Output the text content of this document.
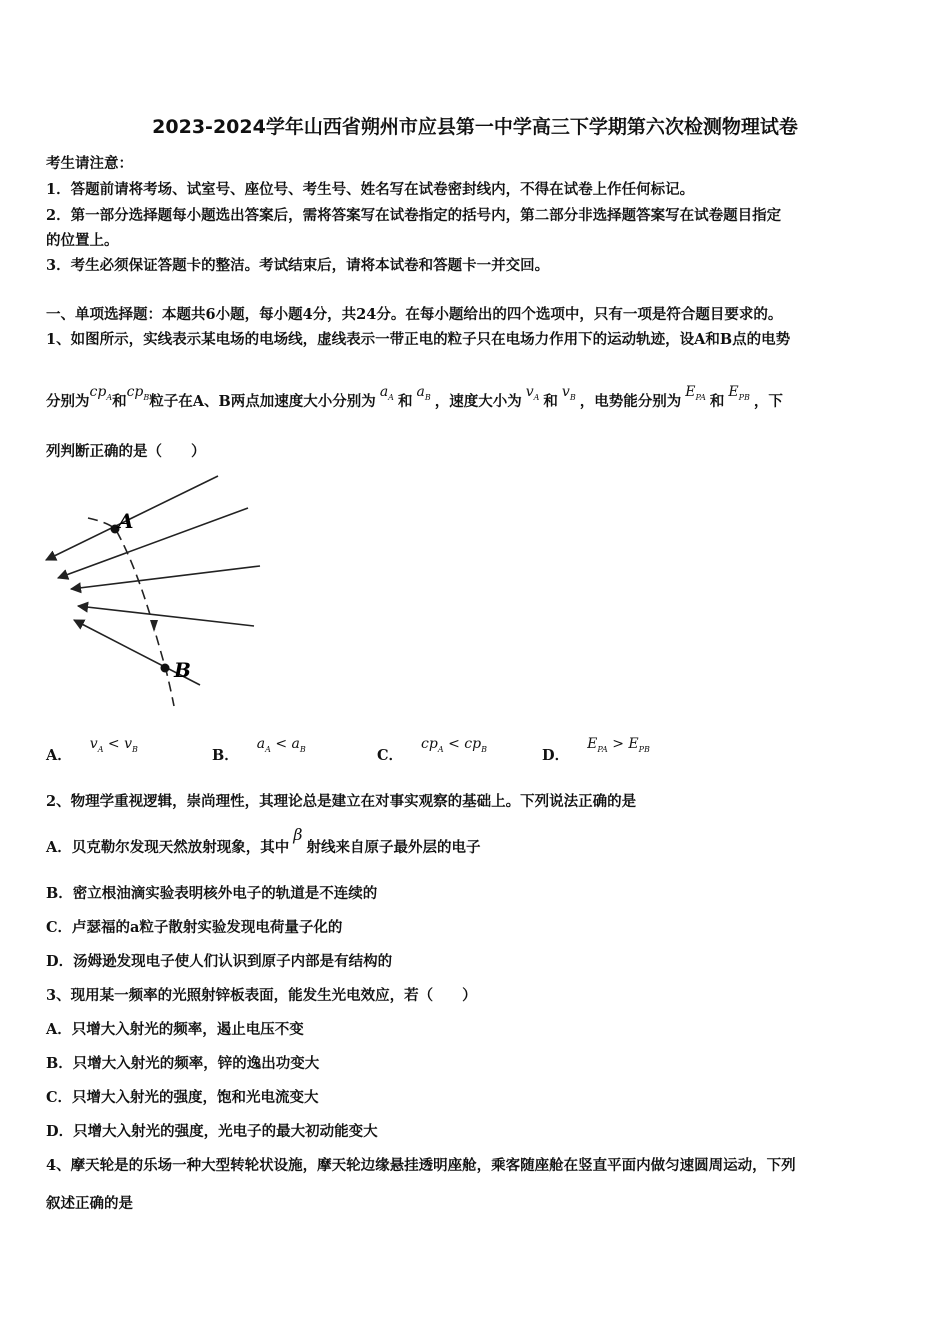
2023-2024学年山西省朔州市应县第一中学高三下学期第六次检测物理试卷
考生请注意：
1．答题前请将考场、试室号、座位号、考生号、姓名写在试卷密封线内，不得在试卷上作任何标记。
2．第一部分选择题每小题选出答案后，需将答案写在试卷指定的括号内，第二部分非选择题答案写在试卷题目指定
的位置上。
3．考生必须保证答题卡的整洁。考试结束后，请将本试卷和答题卡一并交回。
一、单项选择题：本题共6小题，每小题4分，共24分。在每小题给出的四个选项中，只有一项是符合题目要求的。
1、如图所示，实线表示某电场的电场线，虚线表示一带正电的粒子只在电场力作用下的运动轨迹，设A和B点的电势
分别为$cp_A$和$cp_B$粒子在A、B两点加速度大小分别为$a_A$ 和$a_B$ ，速度大小为$v_A$ 和$v_B$ ，电势能分别为$E_{PA}$ 和$E_{PB}$ ，下
列判断正确的是（　　）
A
B
A．$v_A < v_B$	B．$a_A < a_B$	C．$cp_A < cp_B$	D．$E_{PA} > E_{PB}$
2、物理学重视逻辑，崇尚理性，其理论总是建立在对事实观察的基础上。下列说法正确的是
A．贝克勒尔发现天然放射现象，其中β射线来自原子最外层的电子
B．密立根油滴实验表明核外电子的轨道是不连续的
C．卢瑟福的a粒子散射实验发现电荷量子化的
D．汤姆逊发现电子使人们认识到原子内部是有结构的
3、现用某一频率的光照射锌板表面，能发生光电效应，若（　　）
A．只增大入射光的频率，遏止电压不变
B．只增大入射光的频率，锌的逸出功变大
C．只增大入射光的强度，饱和光电流变大
D．只增大入射光的强度，光电子的最大初动能变大
4、摩天轮是的乐场一种大型转轮状设施，摩天轮边缘悬挂透明座舱，乘客随座舱在竖直平面内做匀速圆周运动，下列
叙述正确的是
